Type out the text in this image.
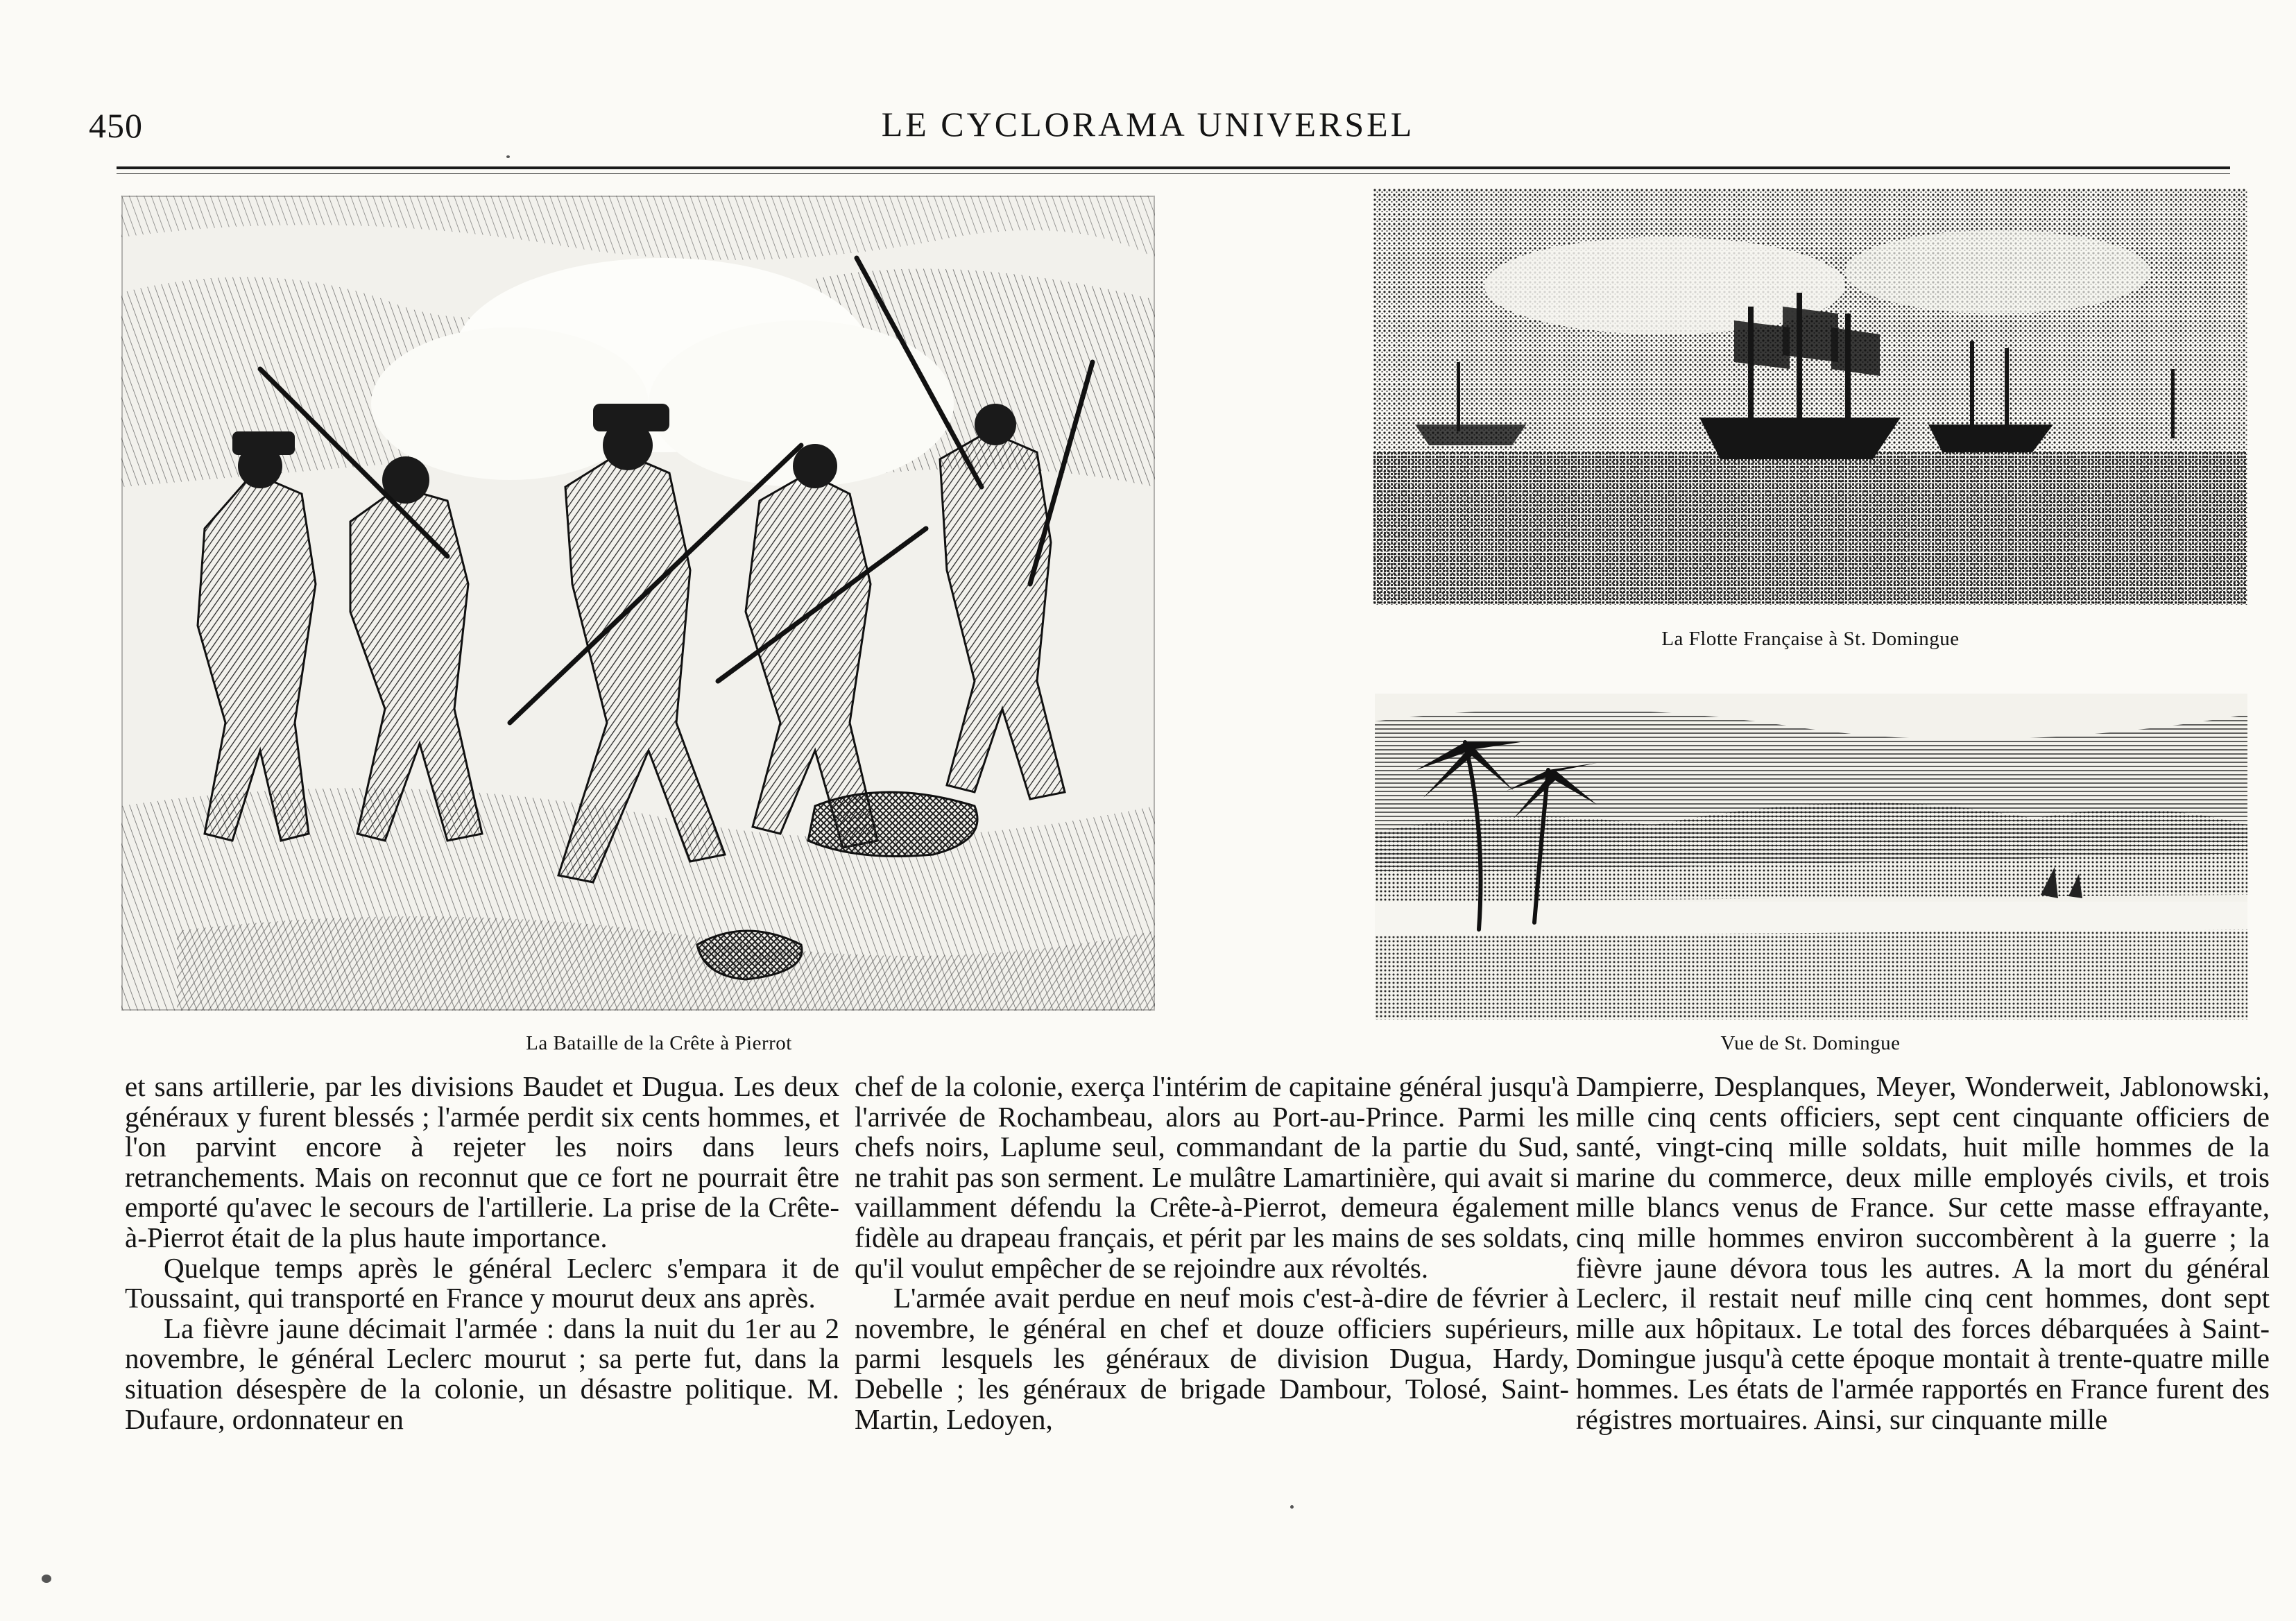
450	LE CYCLORAMA UNIVERSEL
La Bataille de la Crête à Pierrot
La Flotte Française à St. Domingue
Vue de St. Domingue

et sans artillerie, par les divisions Baudet et Dugua. Les deux généraux y furent blessés ; l'armée perdit six cents hommes, et l'on parvint encore à rejeter les noirs dans leurs retranchements. Mais on reconnut que ce fort ne pourrait être emporté qu'avec le secours de l'artillerie. La prise de la Crête-à-Pierrot était de la plus haute importance.

Quelque temps après le général Leclerc s'empara it de Toussaint, qui transporté en France y mourut deux ans après.

La fièvre jaune décimait l'armée : dans la nuit du 1er au 2 novembre, le général Leclerc mourut ; sa perte fut, dans la situation désespère de la colonie, un désastre politique. M. Dufaure, ordonnateur en

chef de la colonie, exerça l'intérim de capitaine général jusqu'à l'arrivée de Rochambeau, alors au Port-au-Prince. Parmi les chefs noirs, Laplume seul, commandant de la partie du Sud, ne trahit pas son serment. Le mulâtre Lamartinière, qui avait si vaillamment défendu la Crête-à-Pierrot, demeura également fidèle au drapeau français, et périt par les mains de ses soldats, qu'il voulut empêcher de se rejoindre aux révoltés.

L'armée avait perdue en neuf mois c'est-à-dire de février à novembre, le général en chef et douze officiers supérieurs, parmi lesquels les généraux de division Dugua, Hardy, Debelle ; les généraux de brigade Dambour, Tolosé, Saint-Martin, Ledoyen,

Dampierre, Desplanques, Meyer, Wonderweit, Jablonowski, mille cinq cents officiers, sept cent cinquante officiers de santé, vingt-cinq mille soldats, huit mille hommes de la marine du commerce, deux mille employés civils, et trois mille blancs venus de France. Sur cette masse effrayante, cinq mille hommes environ succombèrent à la guerre ; la fièvre jaune dévora tous les autres. A la mort du général Leclerc, il restait neuf mille cinq cent hommes, dont sept mille aux hôpitaux. Le total des forces débarquées à Saint-Domingue jusqu'à cette époque montait à trente-quatre mille hommes. Les états de l'armée rapportés en France furent des régistres mortuaires. Ainsi, sur cinquante mille
